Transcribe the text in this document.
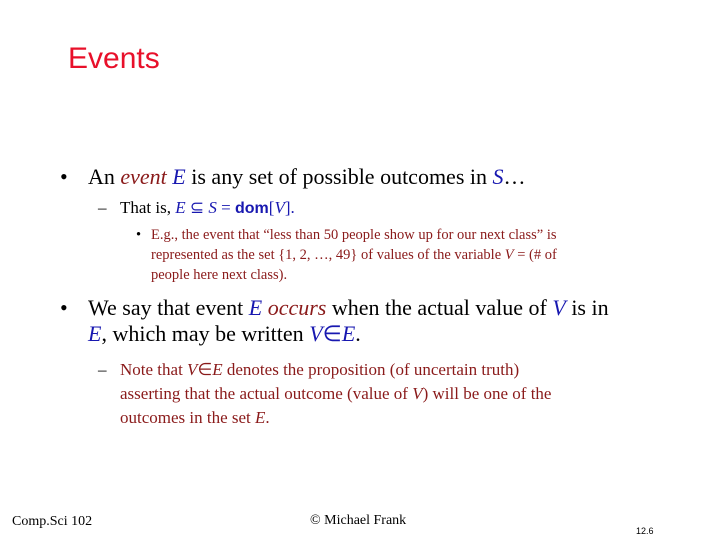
Events
• An event E is any set of possible outcomes in S…
– That is, E ⊆ S = dom[V].
• E.g., the event that “less than 50 people show up for our next class” is
represented as the set {1, 2, …, 49} of values of the variable V = (# of
people here next class).
• We say that event E occurs when the actual value of V is in
E, which may be written V∈E.
– Note that V∈E denotes the proposition (of uncertain truth)
asserting that the actual outcome (value of V) will be one of the
outcomes in the set E.
Comp.Sci 102	© Michael Frank
12.6
